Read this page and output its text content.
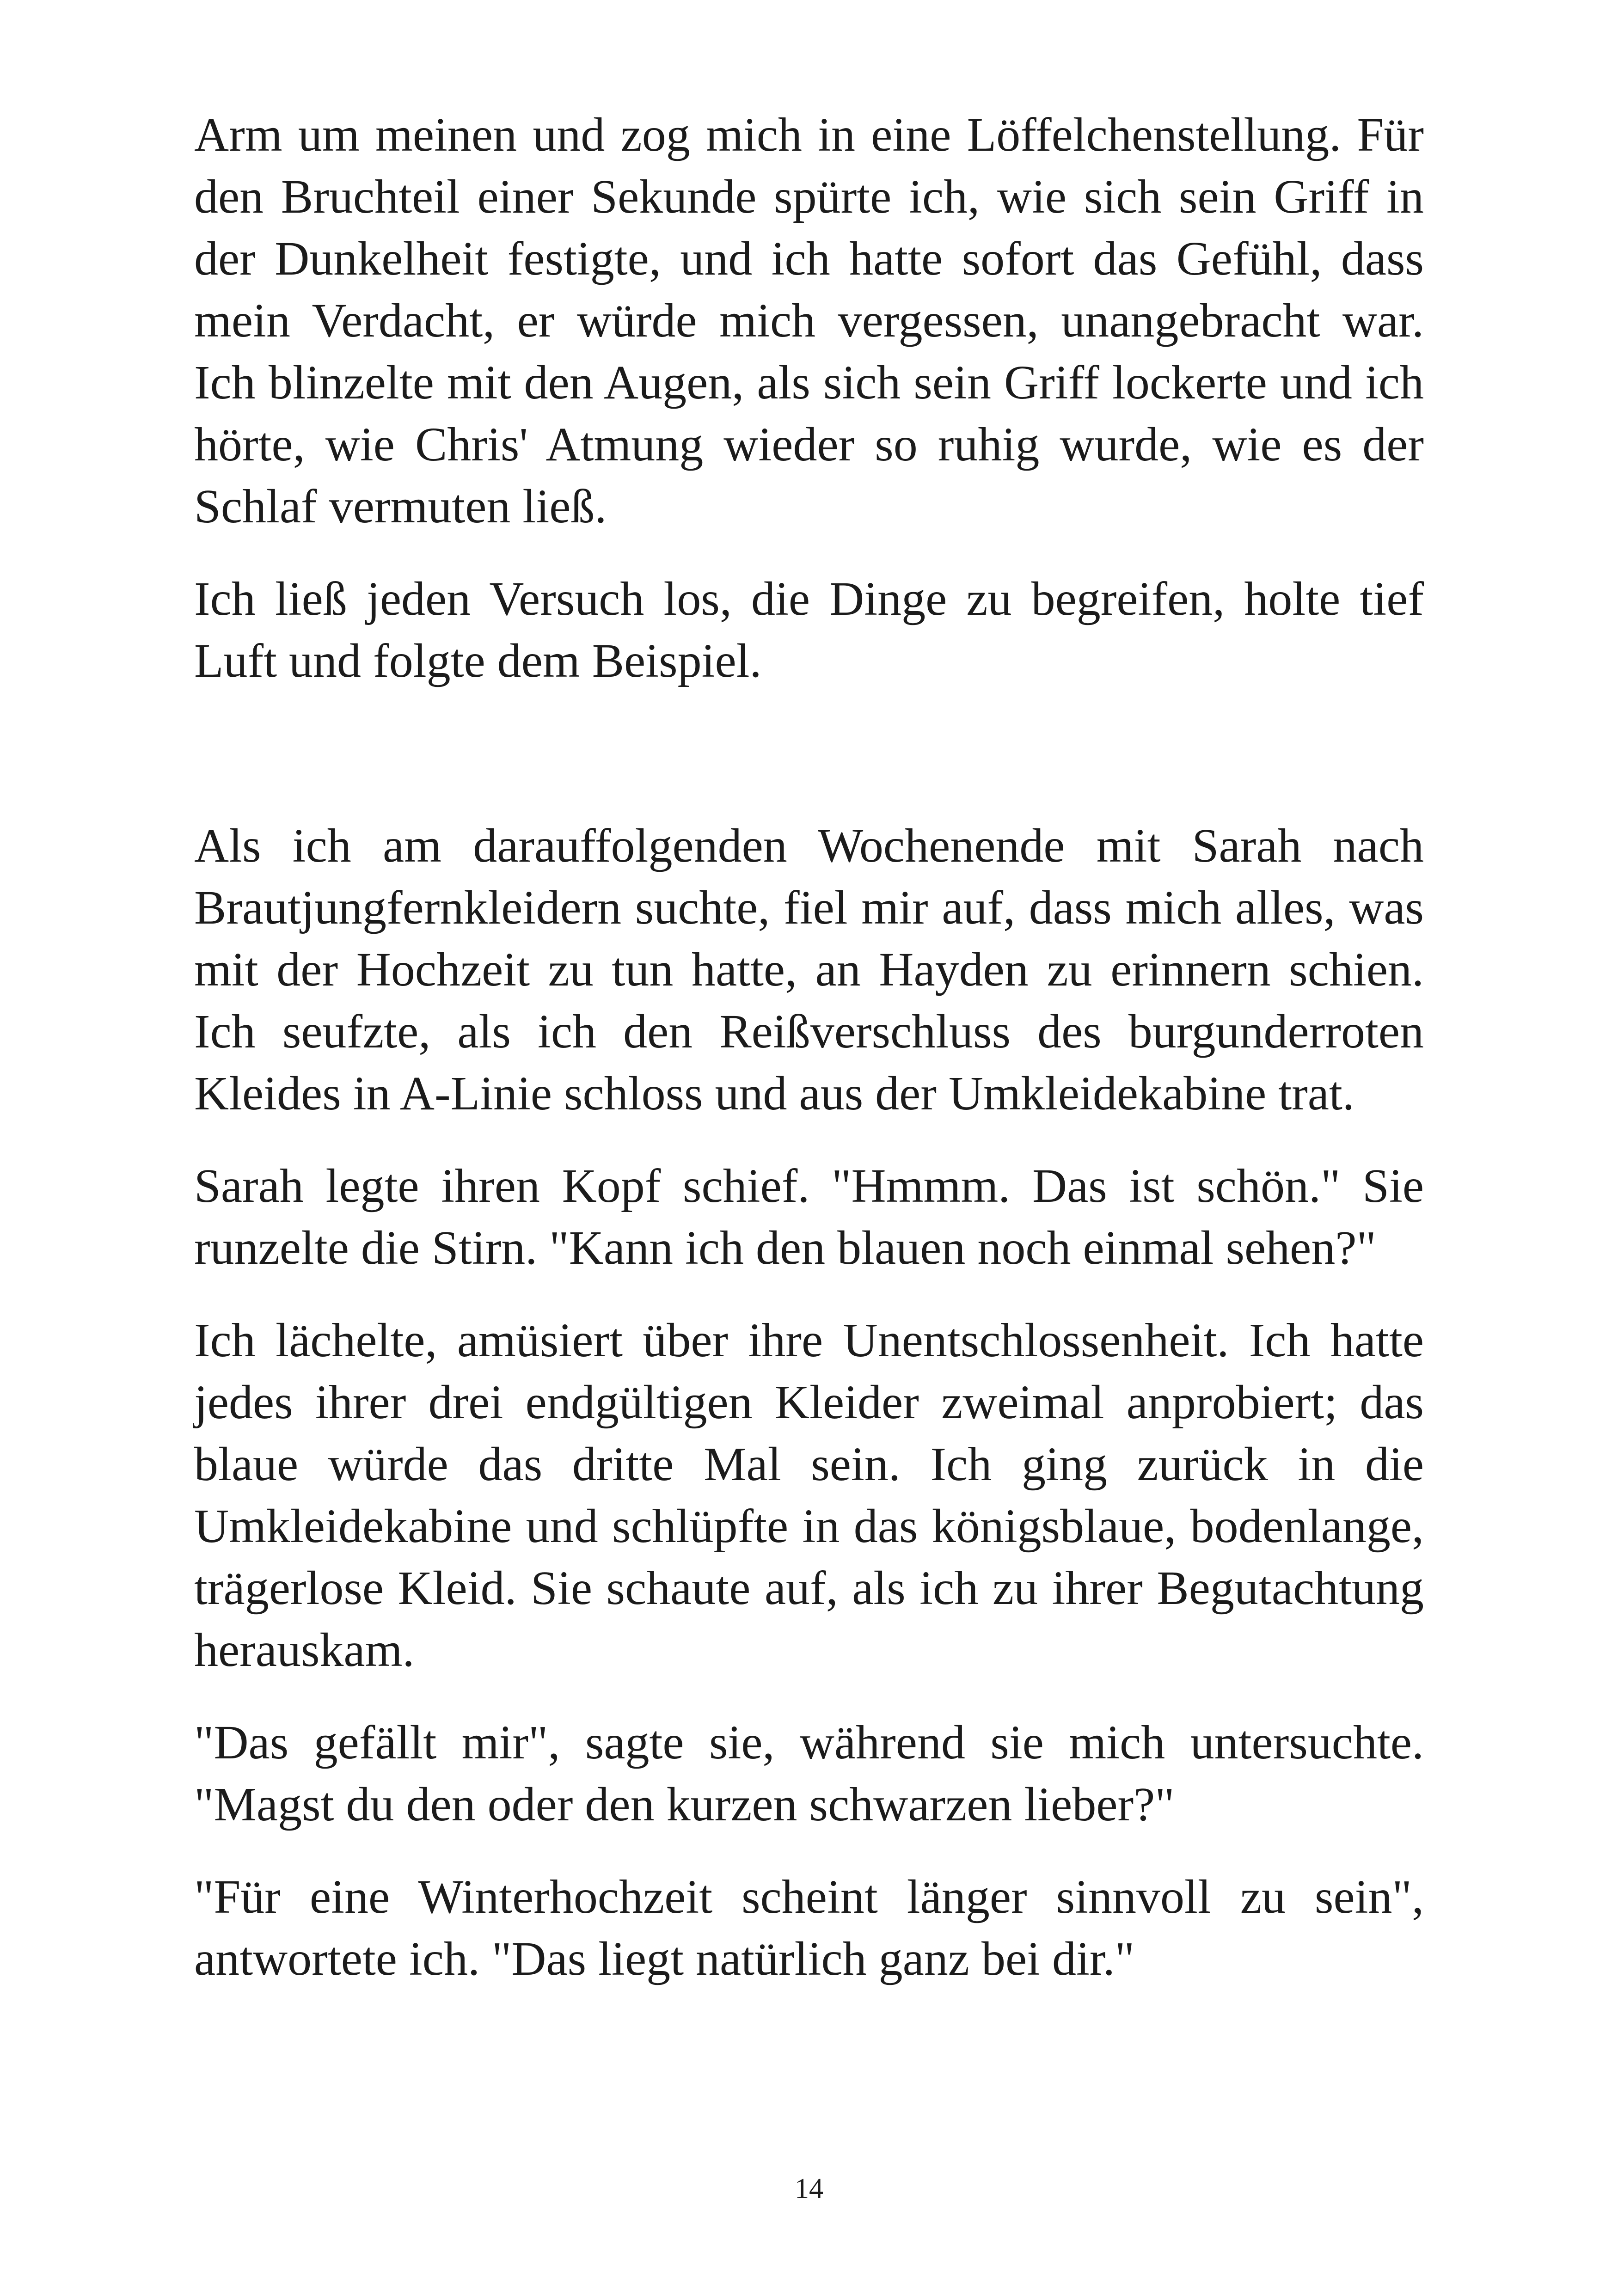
Arm um meinen und zog mich in eine Löffelchenstellung. Für den Bruchteil einer Sekunde spürte ich, wie sich sein Griff in der Dunkelheit festigte, und ich hatte sofort das Gefühl, dass mein Verdacht, er würde mich vergessen, unangebracht war. Ich blinzelte mit den Augen, als sich sein Griff lockerte und ich hörte, wie Chris' Atmung wieder so ruhig wurde, wie es der Schlaf vermuten ließ.

Ich ließ jeden Versuch los, die Dinge zu begreifen, holte tief Luft und folgte dem Beispiel.

Als ich am darauffolgenden Wochenende mit Sarah nach Brautjungfernkleidern suchte, fiel mir auf, dass mich alles, was mit der Hochzeit zu tun hatte, an Hayden zu erinnern schien. Ich seufzte, als ich den Reißverschluss des burgunderroten Kleides in A-Linie schloss und aus der Umkleidekabine trat.

Sarah legte ihren Kopf schief. "Hmmm. Das ist schön." Sie runzelte die Stirn. "Kann ich den blauen noch einmal sehen?"

Ich lächelte, amüsiert über ihre Unentschlossenheit. Ich hatte jedes ihrer drei endgültigen Kleider zweimal anprobiert; das blaue würde das dritte Mal sein. Ich ging zurück in die Umkleidekabine und schlüpfte in das königsblaue, bodenlange, trägerlose Kleid. Sie schaute auf, als ich zu ihrer Begutachtung herauskam.

"Das gefällt mir", sagte sie, während sie mich untersuchte. "Magst du den oder den kurzen schwarzen lieber?"

"Für eine Winterhochzeit scheint länger sinnvoll zu sein", antwortete ich. "Das liegt natürlich ganz bei dir."

14
